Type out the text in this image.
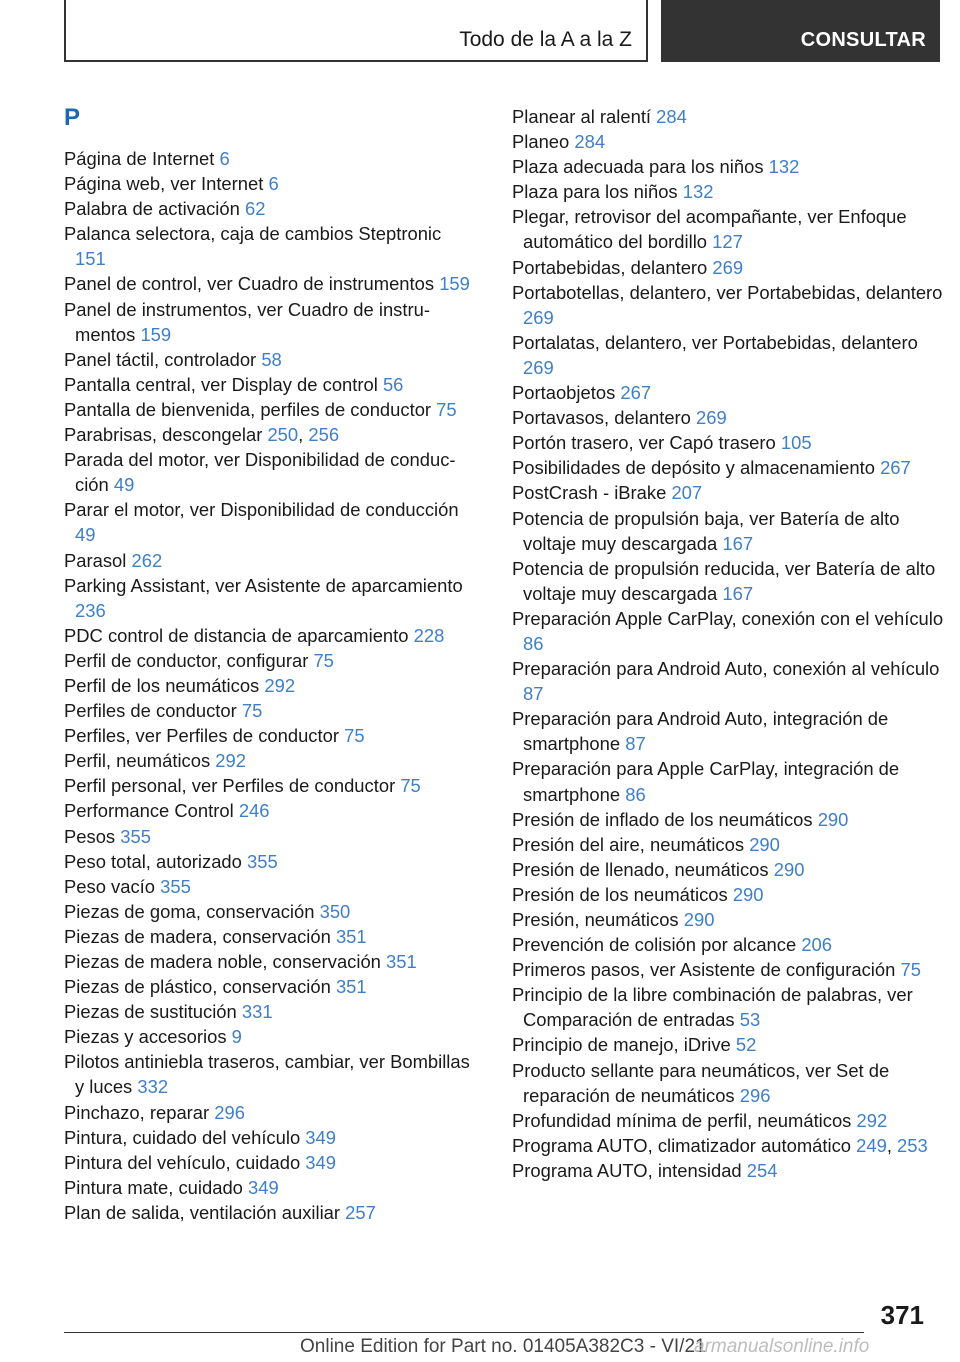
Todo de la A a la Z	CONSULTAR
P
Página de Internet 6
Página web, ver Internet 6
Palabra de activación 62
Palanca selectora, caja de cambios Steptronic 151
Panel de control, ver Cuadro de instrumentos 159
Panel de instrumentos, ver Cuadro de instrumentos 159
Panel táctil, controlador 58
Pantalla central, ver Display de control 56
Pantalla de bienvenida, perfiles de conductor 75
Parabrisas, descongelar 250, 256
Parada del motor, ver Disponibilidad de conducción 49
Parar el motor, ver Disponibilidad de conducción 49
Parasol 262
Parking Assistant, ver Asistente de aparcamiento 236
PDC control de distancia de aparcamiento 228
Perfil de conductor, configurar 75
Perfil de los neumáticos 292
Perfiles de conductor 75
Perfiles, ver Perfiles de conductor 75
Perfil, neumáticos 292
Perfil personal, ver Perfiles de conductor 75
Performance Control 246
Pesos 355
Peso total, autorizado 355
Peso vacío 355
Piezas de goma, conservación 350
Piezas de madera, conservación 351
Piezas de madera noble, conservación 351
Piezas de plástico, conservación 351
Piezas de sustitución 331
Piezas y accesorios 9
Pilotos antiniebla traseros, cambiar, ver Bombillas y luces 332
Pinchazo, reparar 296
Pintura, cuidado del vehículo 349
Pintura del vehículo, cuidado 349
Pintura mate, cuidado 349
Plan de salida, ventilación auxiliar 257
Planear al ralentí 284
Planeo 284
Plaza adecuada para los niños 132
Plaza para los niños 132
Plegar, retrovisor del acompañante, ver Enfoque automático del bordillo 127
Portabebidas, delantero 269
Portabotellas, delantero, ver Portabebidas, delantero 269
Portalatas, delantero, ver Portabebidas, delantero 269
Portaobjetos 267
Portavasos, delantero 269
Portón trasero, ver Capó trasero 105
Posibilidades de depósito y almacenamiento 267
PostCrash - iBrake 207
Potencia de propulsión baja, ver Batería de alto voltaje muy descargada 167
Potencia de propulsión reducida, ver Batería de alto voltaje muy descargada 167
Preparación Apple CarPlay, conexión con el vehículo 86
Preparación para Android Auto, conexión al vehículo 87
Preparación para Android Auto, integración de smartphone 87
Preparación para Apple CarPlay, integración de smartphone 86
Presión de inflado de los neumáticos 290
Presión del aire, neumáticos 290
Presión de llenado, neumáticos 290
Presión de los neumáticos 290
Presión, neumáticos 290
Prevención de colisión por alcance 206
Primeros pasos, ver Asistente de configuración 75
Principio de la libre combinación de palabras, ver Comparación de entradas 53
Principio de manejo, iDrive 52
Producto sellante para neumáticos, ver Set de reparación de neumáticos 296
Profundidad mínima de perfil, neumáticos 292
Programa AUTO, climatizador automático 249, 253
Programa AUTO, intensidad 254
371
Online Edition for Part no. 01405A382C3 - VI/21
armanualsonline.info
